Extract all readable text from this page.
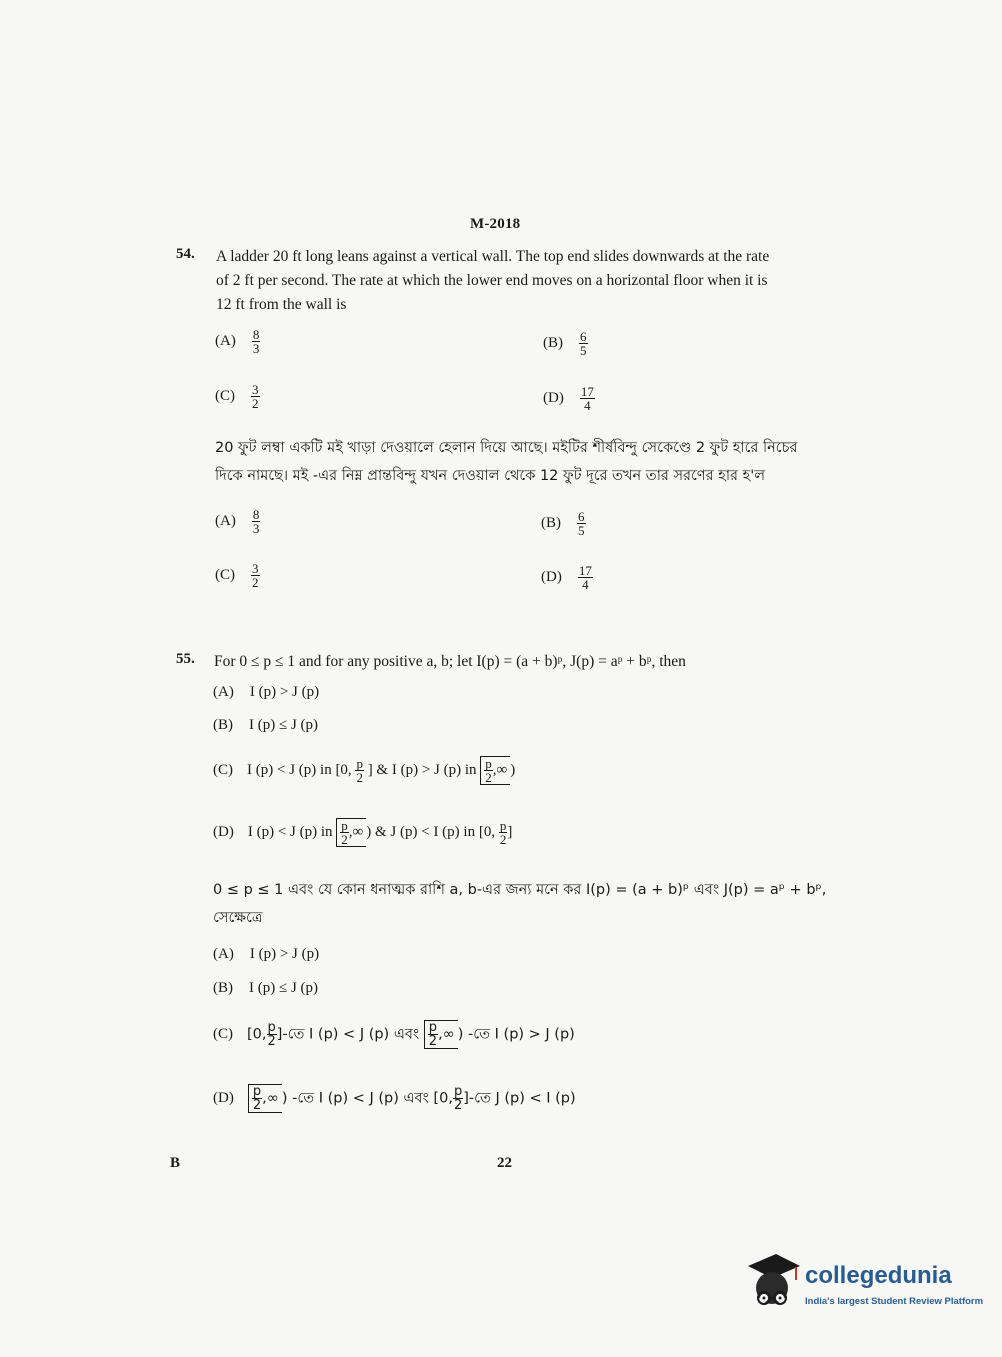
M-2018
54. A ladder 20 ft long leans against a vertical wall. The top end slides downwards at the rate
of 2 ft per second. The rate at which the lower end moves on a horizontal floor when it is
12 ft from the wall is
$(A) \frac{8}{3}$	$(B) \frac{6}{5}$
$(C) \frac{3}{2}$	$(D) \frac{17}{4}$
20 ফুট লম্বা একটি মই খাড়া দেওয়ালে হেলান দিয়ে আছে। মইটির শীর্ষবিন্দু সেকেণ্ডে 2 ফুট হারে নিচের
দিকে নামছে। মই -এর নিম্ন প্রান্তবিন্দু যখন দেওয়াল থেকে 12 ফুট দূরে তখন তার সরণের হার হ'ল
$(A) \frac{8}{3}$	$(B) \frac{6}{5}$
$(C) \frac{3}{2}$	$(D) \frac{17}{4}$
55. For 0 ≤ p ≤ 1 and for any positive a, b; let I(p) = (a + b)ᵖ, J(p) = aᵖ + bᵖ, then
(A) I (p) > J (p)
(B) I (p) ≤ J (p)
(C) I (p) < J (p) in [0, $\frac{p}{2}$ ] & I (p) > J (p) in $\frac{p}{2}$ ,∞ )
(D) I (p) < J (p) in $\frac{p}{2}$ ,∞ ) & J (p) < I (p) in [0, $\frac{p}{2}$ ]
0 ≤ p ≤ 1 এবং যে কোন ধনাত্মক রাশি a, b-এর জন্য মনে কর I(p) = (a + b)ᵖ এবং J(p) = aᵖ + bᵖ,
সেক্ষেত্রে
(A) I (p) > J (p)
(B) I (p) ≤ J (p)
(C) [0, $\frac{p}{2}$ ]-তে I (p) < J (p) এবং $\frac{p}{2}$ ,∞ ) -তে I (p) > J (p)
$(D) \frac{p}{2}$ ,∞ ) -তে I (p) < J (p) এবং [0, $\frac{p}{2}$ ]-তে J (p) < I (p)
B	22
collegedunia
India's largest Student Review Platform
